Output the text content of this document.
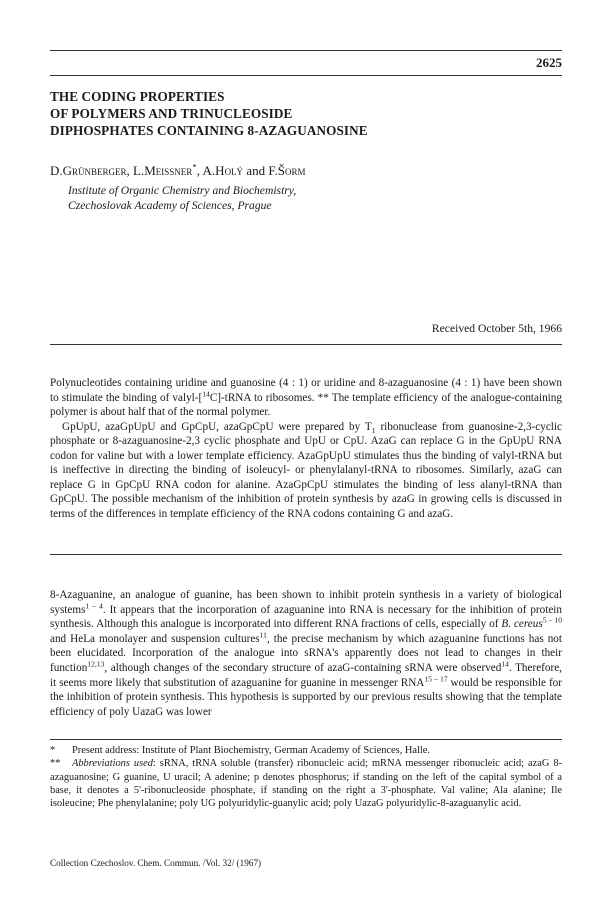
2625
THE CODING PROPERTIES
OF POLYMERS AND TRINUCLEOSIDE
DIPHOSPHATES CONTAINING 8-AZAGUANOSINE
D.Grünberger, L.Meissner*, A.Holý and F.Šorm
Institute of Organic Chemistry and Biochemistry,
Czechoslovak Academy of Sciences, Prague
Received October 5th, 1966

Polynucleotides containing uridine and guanosine (4 : 1) or uridine and 8-azaguanosine (4 : 1) have been shown to stimulate the binding of valyl-[$^{14}$C]-tRNA to ribosomes. ** The template efficiency of the analogue-containing polymer is about half that of the normal polymer.

GpUpU, azaGpUpU and GpCpU, azaGpCpU were prepared by $T_1$ ribonuclease from guanosine-2,3-cyclic phosphate or 8-azaguanosine-2,3 cyclic phosphate and UpU or CpU. AzaG can replace G in the GpUpU RNA codon for valine but with a lower template efficiency. AzaGpUpU stimulates thus the binding of valyl-tRNA but is ineffective in directing the binding of isoleucyl- or phenylalanyl-tRNA to ribosomes. Similarly, azaG can replace G in GpCpU RNA codon for alanine. AzaGpCpU stimulates the binding of less alanyl-tRNA than GpCpU. The possible mechanism of the inhibition of protein synthesis by azaG in growing cells is discussed in terms of the differences in template efficiency of the RNA codons containing G and azaG.

8-Azaguanine, an analogue of guanine, has been shown to inhibit protein synthesis in a variety of biological systems$^{1 - 4}$. It appears that the incorporation of azaguanine into RNA is necessary for the inhibition of protein synthesis. Although this analogue is incorporated into different RNA fractions of cells, especially of B. cereus$^{5 - 10}$ and HeLa monolayer and suspension cultures$^{11}$, the precise mechanism by which azaguanine functions has not been elucidated. Incorporation of the analogue into sRNA's apparently does not lead to changes in their function$^{12,13}$, although changes of the secondary structure of azaG-containing sRNA were observed$^{14}$. Therefore, it seems more likely that substitution of azaguanine for guanine in messenger RNA$^{15 - 17}$ would be responsible for the inhibition of protein synthesis. This hypothesis is supported by our previous results showing that the template efficiency of poly UazaG was lower

* Present address: Institute of Plant Biochemistry, German Academy of Sciences, Halle.

** Abbreviations used: sRNA, tRNA soluble (transfer) ribonucleic acid; mRNA messenger ribonucleic acid; azaG 8-azaguanosine; G guanine, U uracil; A adenine; p denotes phosphorus; if standing on the left of the capital symbol of a base, it denotes a 5'-ribonucleoside phosphate, if standing on the right a 3'-phosphate. Val valine; Ala alanine; Ile isoleucine; Phe phenylalanine; poly UG polyuridylic-guanylic acid; poly UazaG polyuridylic-8-azaguanylic acid.

Collection Czechoslov. Chem. Commun. /Vol. 32/ (1967)
